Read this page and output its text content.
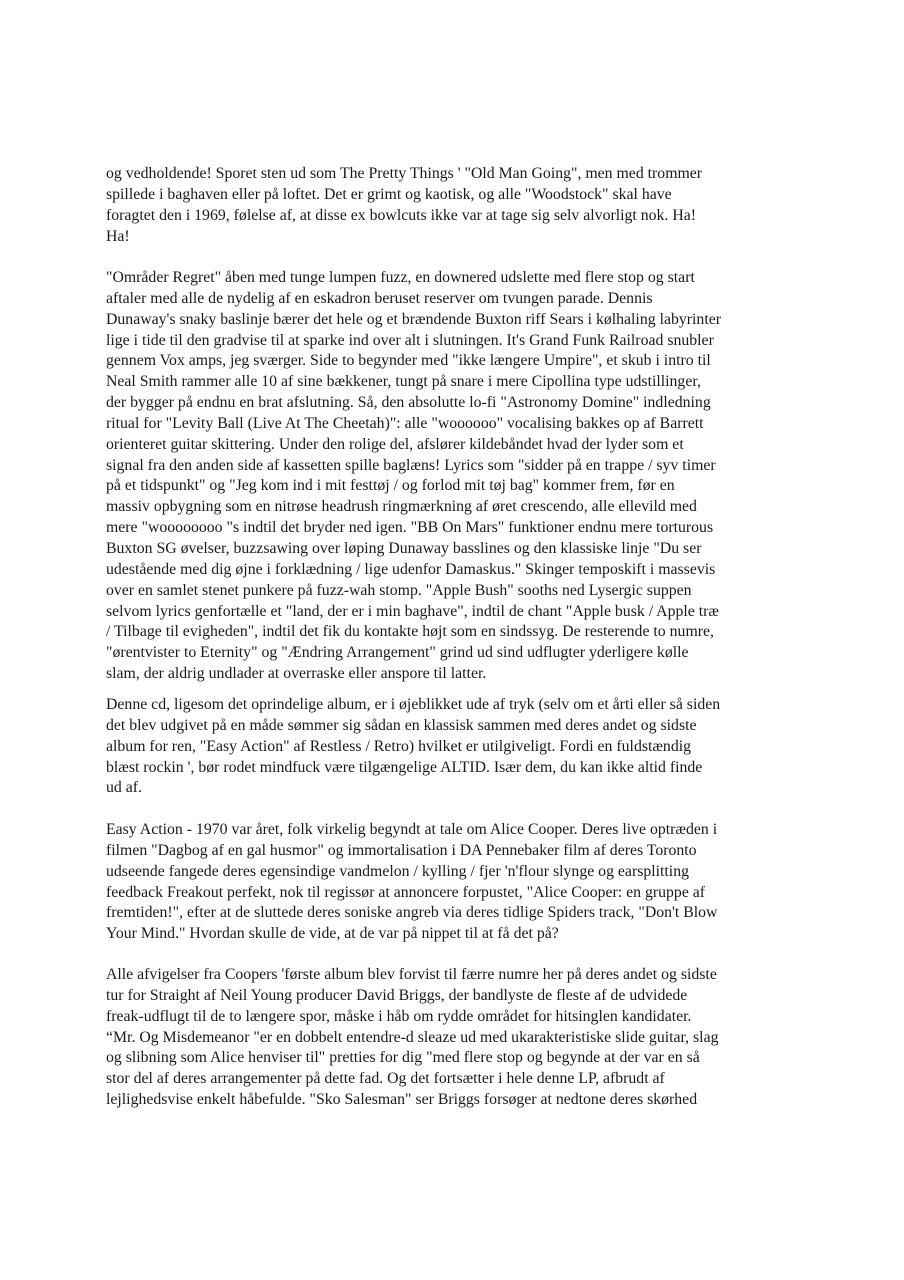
og vedholdende! Sporet sten ud som The Pretty Things ' "Old Man Going", men med trommer
spillede i baghaven eller på loftet. Det er grimt og kaotisk, og alle "Woodstock" skal have
foragtet den i 1969, følelse af, at disse ex bowlcuts ikke var at tage sig selv alvorligt nok. Ha!
Ha!
"Områder Regret" åben med tunge lumpen fuzz, en downered udslette med flere stop og start
aftaler med alle de nydelig af en eskadron beruset reserver om tvungen parade. Dennis
Dunaway's snaky baslinje bærer det hele og et brændende Buxton riff Sears i kølhaling labyrinter
lige i tide til den gradvise til at sparke ind over alt i slutningen. It's Grand Funk Railroad snubler
gennem Vox amps, jeg sværger. Side to begynder med "ikke længere Umpire", et skub i intro til
Neal Smith rammer alle 10 af sine bækkener, tungt på snare i mere Cipollina type udstillinger,
der bygger på endnu en brat afslutning. Så, den absolutte lo-fi "Astronomy Domine" indledning
ritual for "Levity Ball (Live At The Cheetah)": alle "woooooo" vocalising bakkes op af Barrett
orienteret guitar skittering. Under den rolige del, afslører kildebåndet hvad der lyder som et
signal fra den anden side af kassetten spille baglæns! Lyrics som "sidder på en trappe / syv timer
på et tidspunkt" og "Jeg kom ind i mit festtøj / og forlod mit tøj bag" kommer frem, før en
massiv opbygning som en nitrøse headrush ringmærkning af øret crescendo, alle ellevild med
mere "woooooooo "s indtil det bryder ned igen. "BB On Mars" funktioner endnu mere torturous
Buxton SG øvelser, buzzsawing over løping Dunaway basslines og den klassiske linje "Du ser
udestående med dig øjne i forklædning / lige udenfor Damaskus." Skinger temposkift i massevis
over en samlet stenet punkere på fuzz-wah stomp. "Apple Bush" sooths ned Lysergic suppen
selvom lyrics genfortælle et "land, der er i min baghave", indtil de chant "Apple busk / Apple træ
/ Tilbage til evigheden", indtil det fik du kontakte højt som en sindssyg. De resterende to numre,
"ørentvister to Eternity" og "Ændring Arrangement" grind ud sind udflugter yderligere kølle
slam, der aldrig undlader at overraske eller anspore til latter.
Denne cd, ligesom det oprindelige album, er i øjeblikket ude af tryk (selv om et årti eller så siden
det blev udgivet på en måde sømmer sig sådan en klassisk sammen med deres andet og sidste
album for ren, "Easy Action" af Restless / Retro) hvilket er utilgiveligt. Fordi en fuldstændig
blæst rockin ', bør rodet mindfuck være tilgængelige ALTID. Især dem, du kan ikke altid finde
ud af.
Easy Action - 1970 var året, folk virkelig begyndt at tale om Alice Cooper. Deres live optræden i
filmen "Dagbog af en gal husmor" og immortalisation i DA Pennebaker film af deres Toronto
udseende fangede deres egensindige vandmelon / kylling / fjer 'n'flour slynge og earsplitting
feedback Freakout perfekt, nok til regissør at annoncere forpustet, "Alice Cooper: en gruppe af
fremtiden!", efter at de sluttede deres soniske angreb via deres tidlige Spiders track, "Don't Blow
Your Mind." Hvordan skulle de vide, at de var på nippet til at få det på?
Alle afvigelser fra Coopers 'første album blev forvist til færre numre her på deres andet og sidste
tur for Straight af Neil Young producer David Briggs, der bandlyste de fleste af de udvidede
freak-udflugt til de to længere spor, måske i håb om rydde området for hitsinglen kandidater.
“Mr. Og Misdemeanor "er en dobbelt entendre-d sleaze ud med ukarakteristiske slide guitar, slag
og slibning som Alice henviser til" pretties for dig "med flere stop og begynde at der var en så
stor del af deres arrangementer på dette fad. Og det fortsætter i hele denne LP, afbrudt af
lejlighedsvise enkelt håbefulde. "Sko Salesman" ser Briggs forsøger at nedtone deres skørhed
